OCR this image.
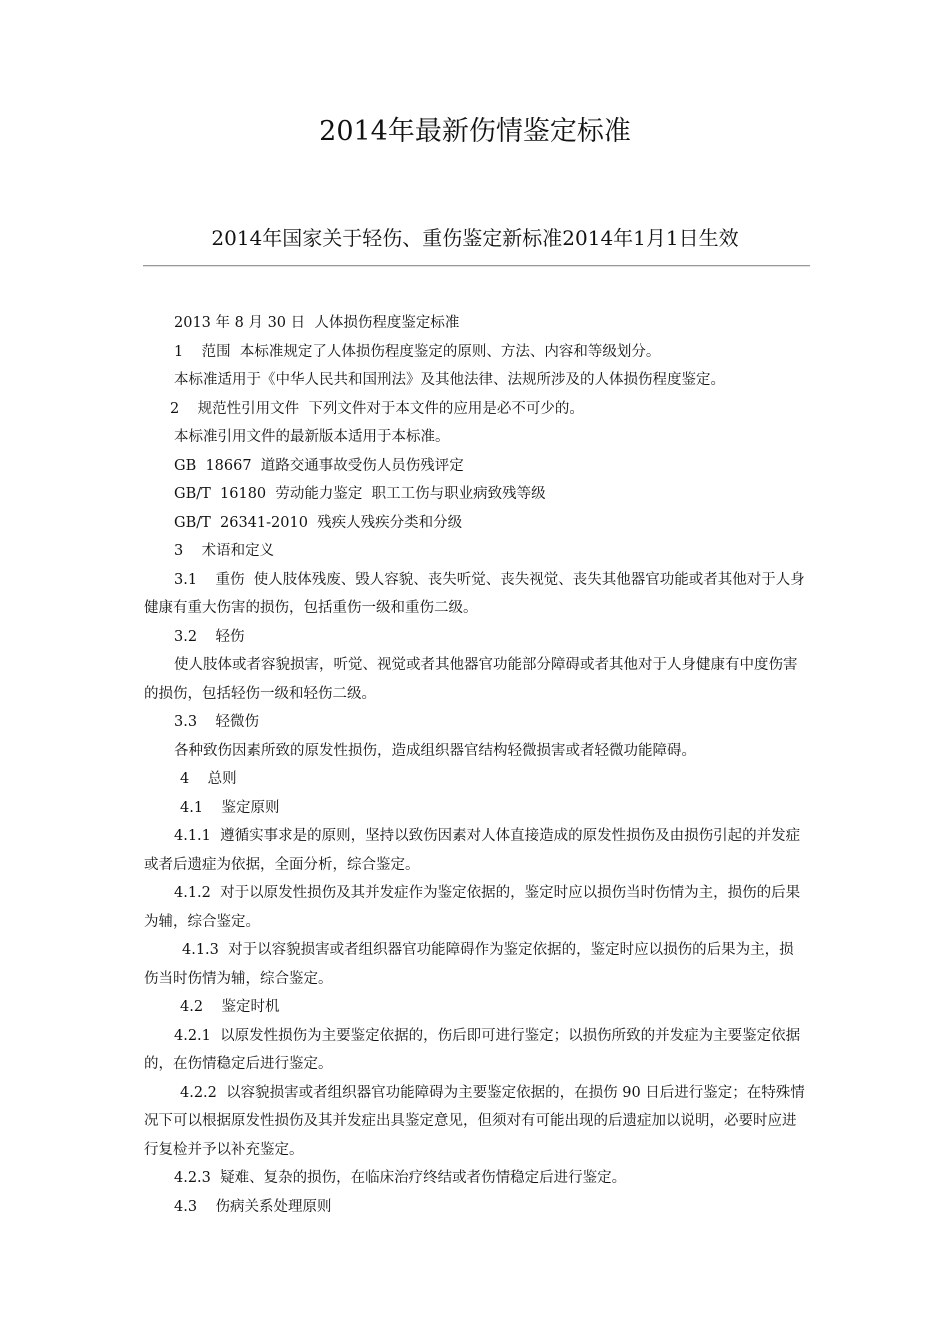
2014年最新伤情鉴定标准
2014年国家关于轻伤、重伤鉴定新标准2014年1月1日生效

2013 年 8 月 30 日  人体损伤程度鉴定标准

1    范围  本标准规定了人体损伤程度鉴定的原则、方法、内容和等级划分。

本标准适用于《中华人民共和国刑法》及其他法律、法规所涉及的人体损伤程度鉴定。

2    规范性引用文件  下列文件对于本文件的应用是必不可少的。

本标准引用文件的最新版本适用于本标准。

GB  18667  道路交通事故受伤人员伤残评定

GB/T  16180  劳动能力鉴定  职工工伤与职业病致残等级

GB/T  26341-2010  残疾人残疾分类和分级

3    术语和定义

3.1    重伤  使人肢体残废、毁人容貌、丧失听觉、丧失视觉、丧失其他器官功能或者其他对于人身健康有重大伤害的损伤，包括重伤一级和重伤二级。

3.2    轻伤

使人肢体或者容貌损害，听觉、视觉或者其他器官功能部分障碍或者其他对于人身健康有中度伤害的损伤，包括轻伤一级和轻伤二级。

3.3    轻微伤

各种致伤因素所致的原发性损伤，造成组织器官结构轻微损害或者轻微功能障碍。

4    总则

4.1    鉴定原则

4.1.1  遵循实事求是的原则，坚持以致伤因素对人体直接造成的原发性损伤及由损伤引起的并发症或者后遗症为依据，全面分析，综合鉴定。

4.1.2  对于以原发性损伤及其并发症作为鉴定依据的，鉴定时应以损伤当时伤情为主，损伤的后果为辅，综合鉴定。

4.1.3  对于以容貌损害或者组织器官功能障碍作为鉴定依据的，鉴定时应以损伤的后果为主，损伤当时伤情为辅，综合鉴定。

4.2    鉴定时机

4.2.1  以原发性损伤为主要鉴定依据的，伤后即可进行鉴定；以损伤所致的并发症为主要鉴定依据的，在伤情稳定后进行鉴定。

4.2.2  以容貌损害或者组织器官功能障碍为主要鉴定依据的，在损伤 90 日后进行鉴定；在特殊情况下可以根据原发性损伤及其并发症出具鉴定意见，但须对有可能出现的后遗症加以说明，必要时应进行复检并予以补充鉴定。

4.2.3  疑难、复杂的损伤，在临床治疗终结或者伤情稳定后进行鉴定。

4.3    伤病关系处理原则
